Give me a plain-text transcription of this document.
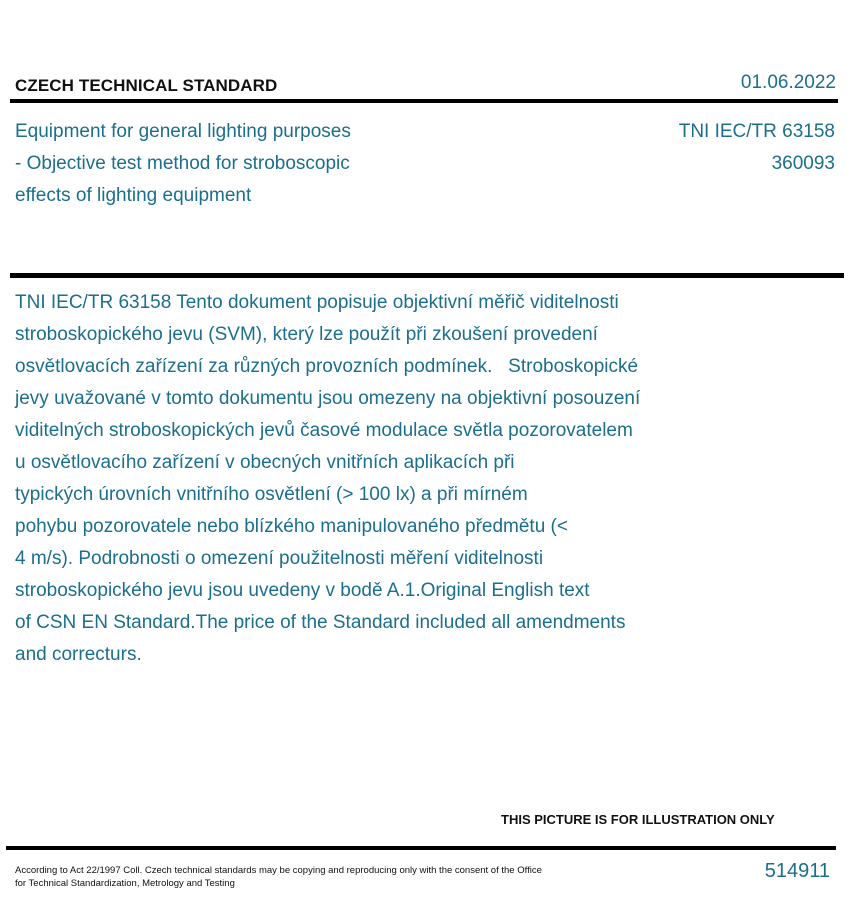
CZECH TECHNICAL STANDARD	01.06.2022
Equipment for general lighting purposes
- Objective test method for stroboscopic
effects of lighting equipment
TNI IEC/TR 63158
360093
TNI IEC/TR 63158 Tento dokument popisuje objektivní měřič viditelnosti
stroboskopického jevu (SVM), který lze použít při zkoušení provedení
osvětlovacích zařízení za různých provozních podmínek.   Stroboskopické
jevy uvažované v tomto dokumentu jsou omezeny na objektivní posouzení
viditelných stroboskopických jevů časové modulace světla pozorovatelem
u osvětlovacího zařízení v obecných vnitřních aplikacích při
typických úrovních vnitřního osvětlení (> 100 lx) a při mírném
pohybu pozorovatele nebo blízkého manipulovaného předmětu (<
4 m/s). Podrobnosti o omezení použitelnosti měření viditelnosti
stroboskopického jevu jsou uvedeny v bodě A.1.Original English text
of CSN EN Standard.The price of the Standard included all amendments
and correcturs.
THIS PICTURE IS FOR ILLUSTRATION ONLY
According to Act 22/1997 Coll. Czech technical standards may be copying and reproducing only with the consent of the Office
for Technical Standardization, Metrology and Testing
514911
